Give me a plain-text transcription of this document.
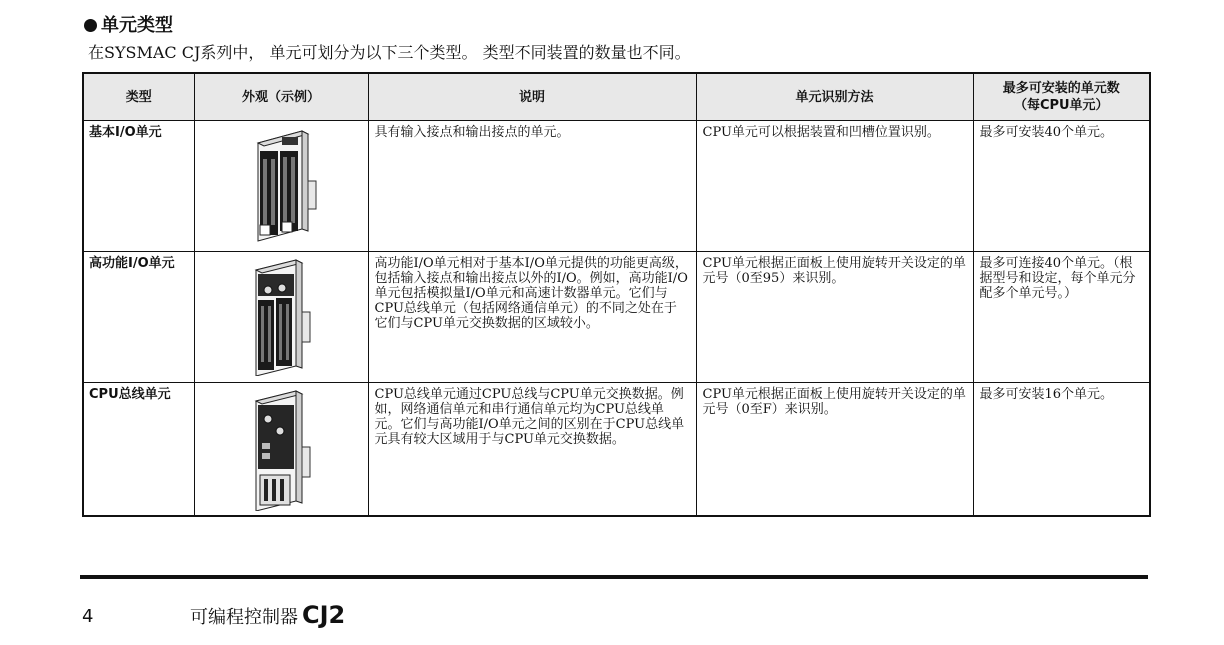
单元类型

在SYSMAC CJ系列中， 单元可划分为以下三个类型。 类型不同装置的数量也不同。

类型	外观（示例）	说明	单元识别方法	最多可安装的单元数
（每CPU单元）
基本I/O单元		具有输入接点和输出接点的单元。	CPU单元可以根据装置和凹槽位置识别。	最多可安装40个单元。
高功能I/O单元		高功能I/O单元相对于基本I/O单元提供的功能更高级，包括输入接点和输出接点以外的I/O。例如，高功能I/O单元包括模拟量I/O单元和高速计数器单元。它们与CPU总线单元（包括网络通信单元）的不同之处在于它们与CPU单元交换数据的区域较小。	CPU单元根据正面板上使用旋转开关设定的单元号（0至95）来识别。	最多可连接40个单元。（根据型号和设定，每个单元分配多个单元号。）
CPU总线单元		CPU总线单元通过CPU总线与CPU单元交换数据。例如，网络通信单元和串行通信单元均为CPU总线单元。它们与高功能I/O单元之间的区别在于CPU总线单元具有较大区域用于与CPU单元交换数据。	CPU单元根据正面板上使用旋转开关设定的单元号（0至F）来识别。	最多可安装16个单元。
4	可编程控制器 CJ2
